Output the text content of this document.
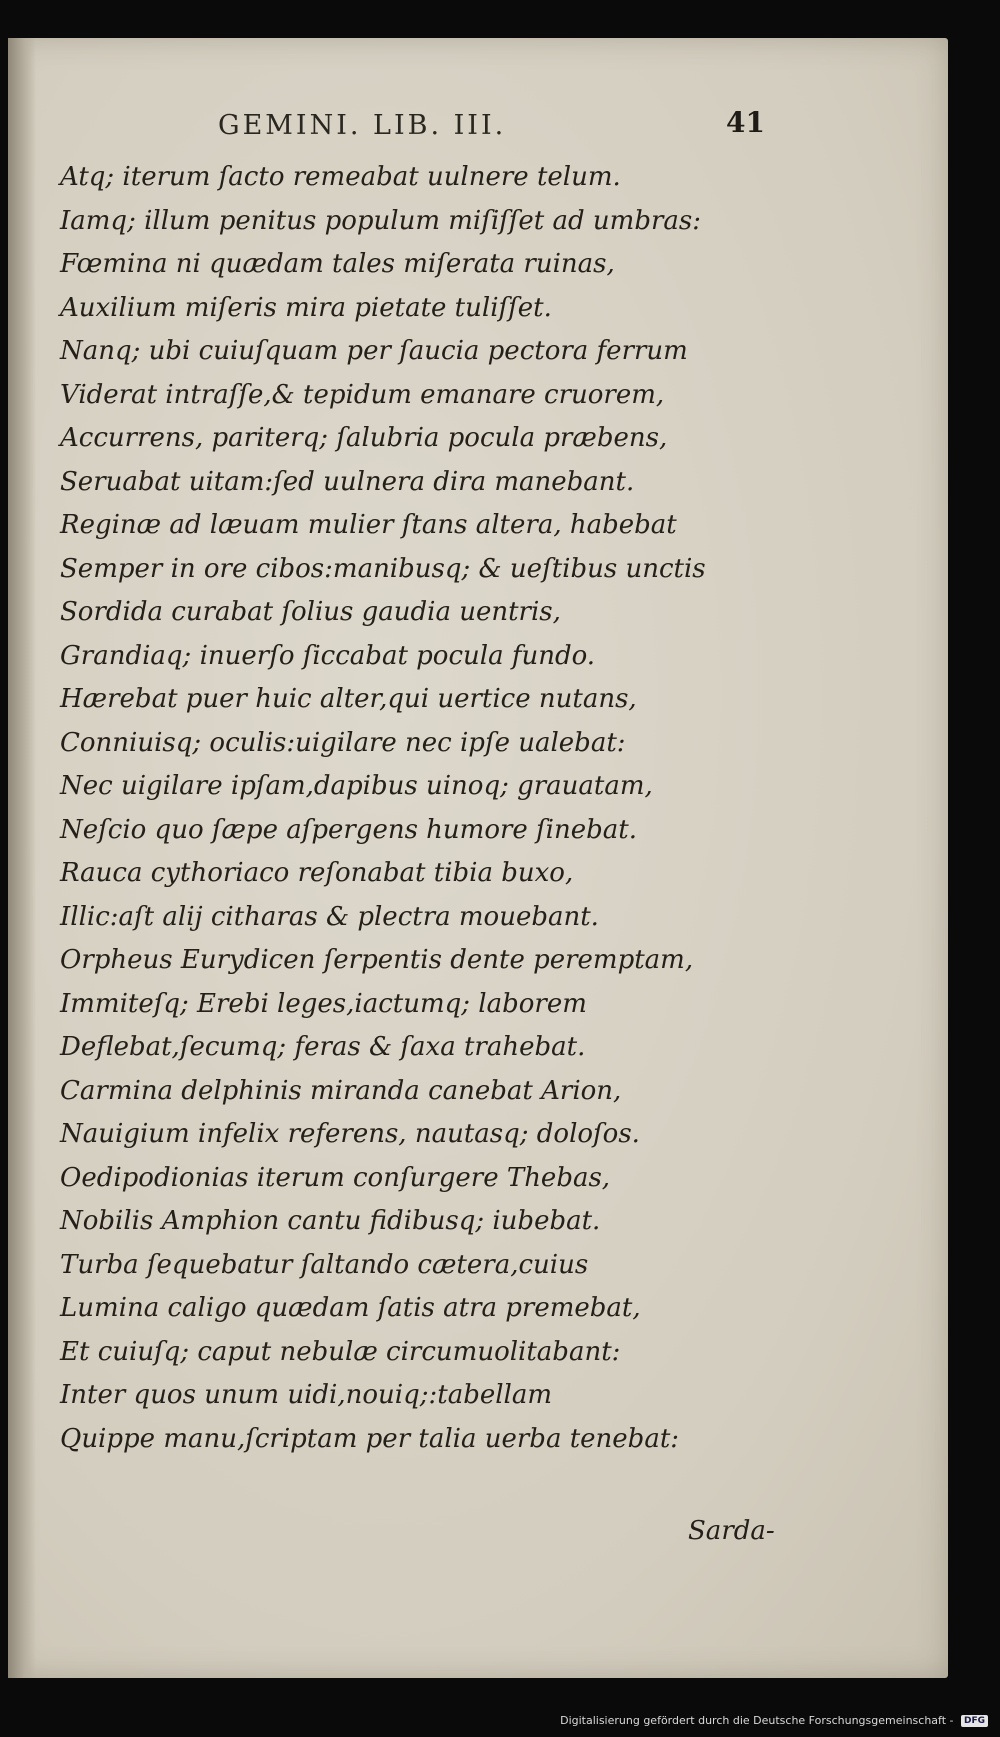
GEMINI. LIB. III.	41
Atq; iterum ſacto remeabat uulnere telum.
Iamq; illum penitus populum miſiſſet ad umbras:
Fœmina ni quædam tales miſerata ruinas,
Auxilium miſeris mira pietate tuliſſet.
Nanq; ubi cuiuſquam per ſaucia pectora ferrum
Viderat intraſſe,& tepidum emanare cruorem,
Accurrens, pariterq; ſalubria pocula præbens,
Seruabat uitam:ſed uulnera dira manebant.
Reginæ ad læuam mulier ſtans altera, habebat
Semper in ore cibos:manibusq; & ueſtibus unctis
Sordida curabat ſolius gaudia uentris,
Grandiaq; inuerſo ſiccabat pocula fundo.
Hærebat puer huic alter,qui uertice nutans,
Conniuisq; oculis:uigilare nec ipſe ualebat:
Nec uigilare ipſam,dapibus uinoq; grauatam,
Neſcio quo ſæpe aſpergens humore ſinebat.
Rauca cythoriaco reſonabat tibia buxo,
Illic:aſt alij citharas & plectra mouebant.
Orpheus Eurydicen ſerpentis dente peremptam,
Immiteſq; Erebi leges,iactumq; laborem
Deflebat,ſecumq; feras & ſaxa trahebat.
Carmina delphinis miranda canebat Arion,
Nauigium infelix referens, nautasq; doloſos.
Oedipodionias iterum conſurgere Thebas,
Nobilis Amphion cantu fidibusq; iubebat.
Turba ſequebatur ſaltando cætera,cuius
Lumina caligo quædam ſatis atra premebat,
Et cuiuſq; caput nebulæ circumuolitabant:
Inter quos unum uidi,nouiq;:tabellam
Quippe manu,ſcriptam per talia uerba tenebat:
Sarda-
Digitalisierung gefördert durch die Deutsche Forschungsgemeinschaft - DFG
